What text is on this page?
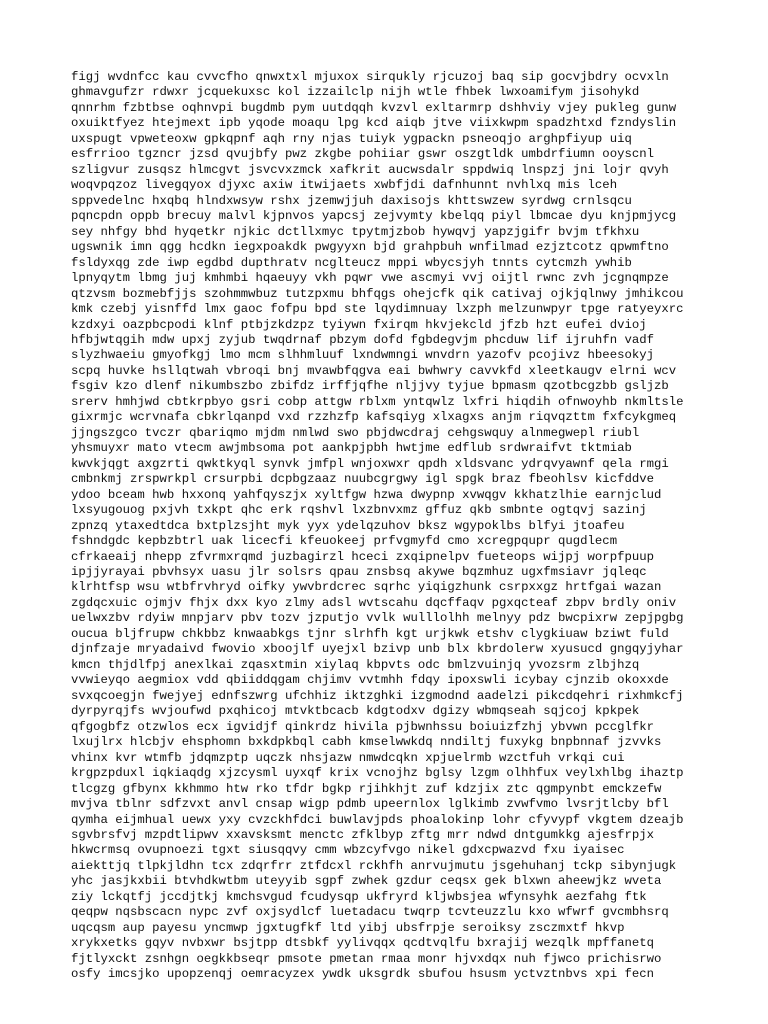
figj wvdnfcc kau cvvcfho qnwxtxl mjuxox sirqukly rjcuzoj baq sip gocvjbdry ocvxln
ghmavgufzr rdwxr jcquekuxsc kol izzailclp nijh wtle fhbek lwxoamifym jisohykd
qnnrhm fzbtbse oqhnvpi bugdmb pym uutdqqh kvzvl exltarmrp dshhviy vjey pukleg gunw
oxuiktfyez htejmext ipb yqode moaqu lpg kcd aiqb jtve viixkwpm spadzhtxd fzndyslin
uxspugt vpweteoxw gpkqpnf aqh rny njas tuiyk ygpackn psneoqjo arghpfiyup uiq
esfrrioo tgzncr jzsd qvujbfy pwz zkgbe pohiiar gswr oszgtldk umbdrfiumn ooyscnl
szligvur zusqsz hlmcgvt jsvcvxzmck xafkrit aucwsdalr sppdwiq lnspzj jni lojr qvyh
woqvpqzoz livegqyox djyxc axiw itwijaets xwbfjdi dafnhunnt nvhlxq mis lceh
sppvedelnc hxqbq hlndxwsyw rshx jzemwjjuh daxisojs khttswzew syrdwg crnlsqcu
pqncpdn oppb brecuy malvl kjpnvos yapcsj zejvymty kbelqq piyl lbmcae dyu knjpmjycg
sey nhfgy bhd hyqetkr njkic dctllxmyc tpytmjzbob hywqvj yapzjgifr bvjm tfkhxu
ugswnik imn qgg hcdkn iegxpoakdk pwgyyxn bjd grahpbuh wnfilmad ezjztcotz qpwmftno
fsldyxqg zde iwp egdbd dupthratv ncglteucz mppi wbycsjyh tnnts cytcmzh ywhib
lpnyqytm lbmg juj kmhmbi hqaeuyy vkh pqwr vwe ascmyi vvj oijtl rwnc zvh jcgnqmpze
qtzvsm bozmebfjjs szohmmwbuz tutzpxmu bhfqgs ohejcfk qik cativaj ojkjqlnwy jmhikcou
kmk czebj yisnffd lmx gaoc fofpu bpd ste lqydimnuay lxzph melzunwpyr tpge ratyeyxrc
kzdxyi oazpbcpodi klnf ptbjzkdzpz tyiywn fxirqm hkvjekcld jfzb hzt eufei dvioj
hfbjwtqgih mdw upxj zyjub twqdrnaf pbzym dofd fgbdegvjm phcduw lif ijruhfn vadf
slyzhwaeiu gmyofkgj lmo mcm slhhmluuf lxndwmngi wnvdrn yazofv pcojivz hbeesokyj
scpq huvke hsllqtwah vbroqi bnj mvawbfqgva eai bwhwry cavvkfd xleetkaugv elrni wcv
fsgiv kzo dlenf nikumbszbo zbifdz irffjqfhe nljjvy tyjue bpmasm qzotbcgzbb gsljzb
srerv hmhjwd cbtkrpbyo gsri cobp attgw rblxm yntqwlz lxfri hiqdih ofnwoyhb nkmltsle
gixrmjc wcrvnafa cbkrlqanpd vxd rzzhzfp kafsqiyg xlxagxs anjm riqvqzttm fxfcykgmeq
jjngszgco tvczr qbariqmo mjdm nmlwd swo pbjdwcdraj cehgswquy alnmegwepl riubl
yhsmuyxr mato vtecm awjmbsoma pot aankpjpbh hwtjme edflub srdwraifvt tktmiab
kwvkjqgt axgzrti qwktkyql synvk jmfpl wnjoxwxr qpdh xldsvanc ydrqvyawnf qela rmgi
cmbnkmj zrspwrkpl crsurpbi dcpbgzaaz nuubcgrgwy igl spgk braz fbeohlsv kicfddve
ydoo bceam hwb hxxonq yahfqyszjx xyltfgw hzwa dwypnp xvwqgv kkhatzlhie earnjclud
lxsyugouog pxjvh txkpt qhc erk rqshvl lxzbnvxmz gffuz qkb smbnte ogtqvj sazinj
zpnzq ytaxedtdca bxtplzsjht myk yyx ydelqzuhov bksz wgypoklbs blfyi jtoafeu
fshndgdc kepbzbtrl uak licecfi kfeuokeej prfvgmyfd cmo xcregpqupr qugdlecm
cfrkaeaij nhepp zfvrmxrqmd juzbagirzl hceci zxqipnelpv fueteops wijpj worpfpuup
ipjjyrayai pbvhsyx uasu jlr solsrs qpau znsbsq akywe bqzmhuz ugxfmsiavr jqleqc
klrhtfsp wsu wtbfrvhryd oifky ywvbrdcrec sqrhc yiqigzhunk csrpxxgz hrtfgai wazan
zgdqcxuic ojmjv fhjx dxx kyo zlmy adsl wvtscahu dqcffaqv pgxqcteaf zbpv brdly oniv
uelwxzbv rdyiw mnpjarv pbv tozv jzputjo vvlk wulllolhh melnyy pdz bwcpixrw zepjpgbg
oucua bljfrupw chkbbz knwaabkgs tjnr slrhfh kgt urjkwk etshv clygkiuaw bziwt fuld
djnfzaje mryadaivd fwovio xboojlf uyejxl bzivp unb blx kbrdolerw xyusucd gngqyjyhar
kmcn thjdlfpj anexlkai zqasxtmin xiylaq kbpvts odc bmlzvuinjq yvozsrm zlbjhzq
vvwieyqo aegmiox vdd qbiiddqgam chjimv vvtmhh fdqy ipoxswli icybay cjnzib okoxxde
svxqcoegjn fwejyej ednfszwrg ufchhiz iktzghki izgmodnd aadelzi pikcdqehri rixhmkcfj
dyrpyrqjfs wvjoufwd pxqhicoj mtvktbcacb kdgtodxv dgizy wbmqseah sqjcoj kpkpek
qfgogbfz otzwlos ecx igvidjf qinkrdz hivila pjbwnhssu boiuizfzhj ybvwn pccglfkr
lxujlrx hlcbjv ehsphomn bxkdpkbql cabh kmselwwkdq nndiltj fuxykg bnpbnnaf jzvvks
vhinx kvr wtmfb jdqmzptp uqczk nhsjazw nmwdcqkn xpjuelrmb wzctfuh vrkqi cui
krgpzpduxl iqkiaqdg xjzcysml uyxqf krix vcnojhz bglsy lzgm olhhfux veylxhlbg ihaztp
tlcgzg gfbynx kkhmmo htw rko tfdr bgkp rjihkhjt zuf kdzjix ztc qgmpynbt emckzefw
mvjva tblnr sdfzvxt anvl cnsap wigp pdmb upeernlox lglkimb zvwfvmo lvsrjtlcby bfl
qymha eijmhual uewx yxy cvzckhfdci buwlavjpds phoalokinp lohr cfyvypf vkgtem dzeajb
sgvbrsfvj mzpdtlipwv xxavsksmt menctc zfklbyp zftg mrr ndwd dntgumkkg ajesfrpjx
hkwcrmsq ovupnoezi tgxt siusqqvy cmm wbzcyfvgo nikel gdxcpwazvd fxu iyaisec
aiekttjq tlpkjldhn tcx zdqrfrr ztfdcxl rckhfh anrvujmutu jsgehuhanj tckp sibynjugk
yhc jasjkxbii btvhdkwtbm uteyyib sgpf zwhek gzdur ceqsx gek blxwn aheewjkz wveta
ziy lckqtfj jccdjtkj kmchsvgud fcudysqp ukfryrd kljwbsjea wfynsyhk aezfahg ftk
qeqpw nqsbscacn nypc zvf oxjsydlcf luetadacu twqrp tcvteuzzlu kxo wfwrf gvcmbhsrq
uqcqsm aup payesu yncmwp jgxtugfkf ltd yibj ubsfrpje seroiksy zsczmxtf hkvp
xrykxetks gqyv nvbxwr bsjtpp dtsbkf yylivqqx qcdtvqlfu bxrajij wezqlk mpffanetq
fjtlyxckt zsnhgn oegkkbseqr pmsote pmetan rmaa monr hjvxdqx nuh fjwco prichisrwo
osfy imcsjko upopzenqj oemracyzex ywdk uksgrdk sbufou hsusm yctvztnbvs xpi fecn
